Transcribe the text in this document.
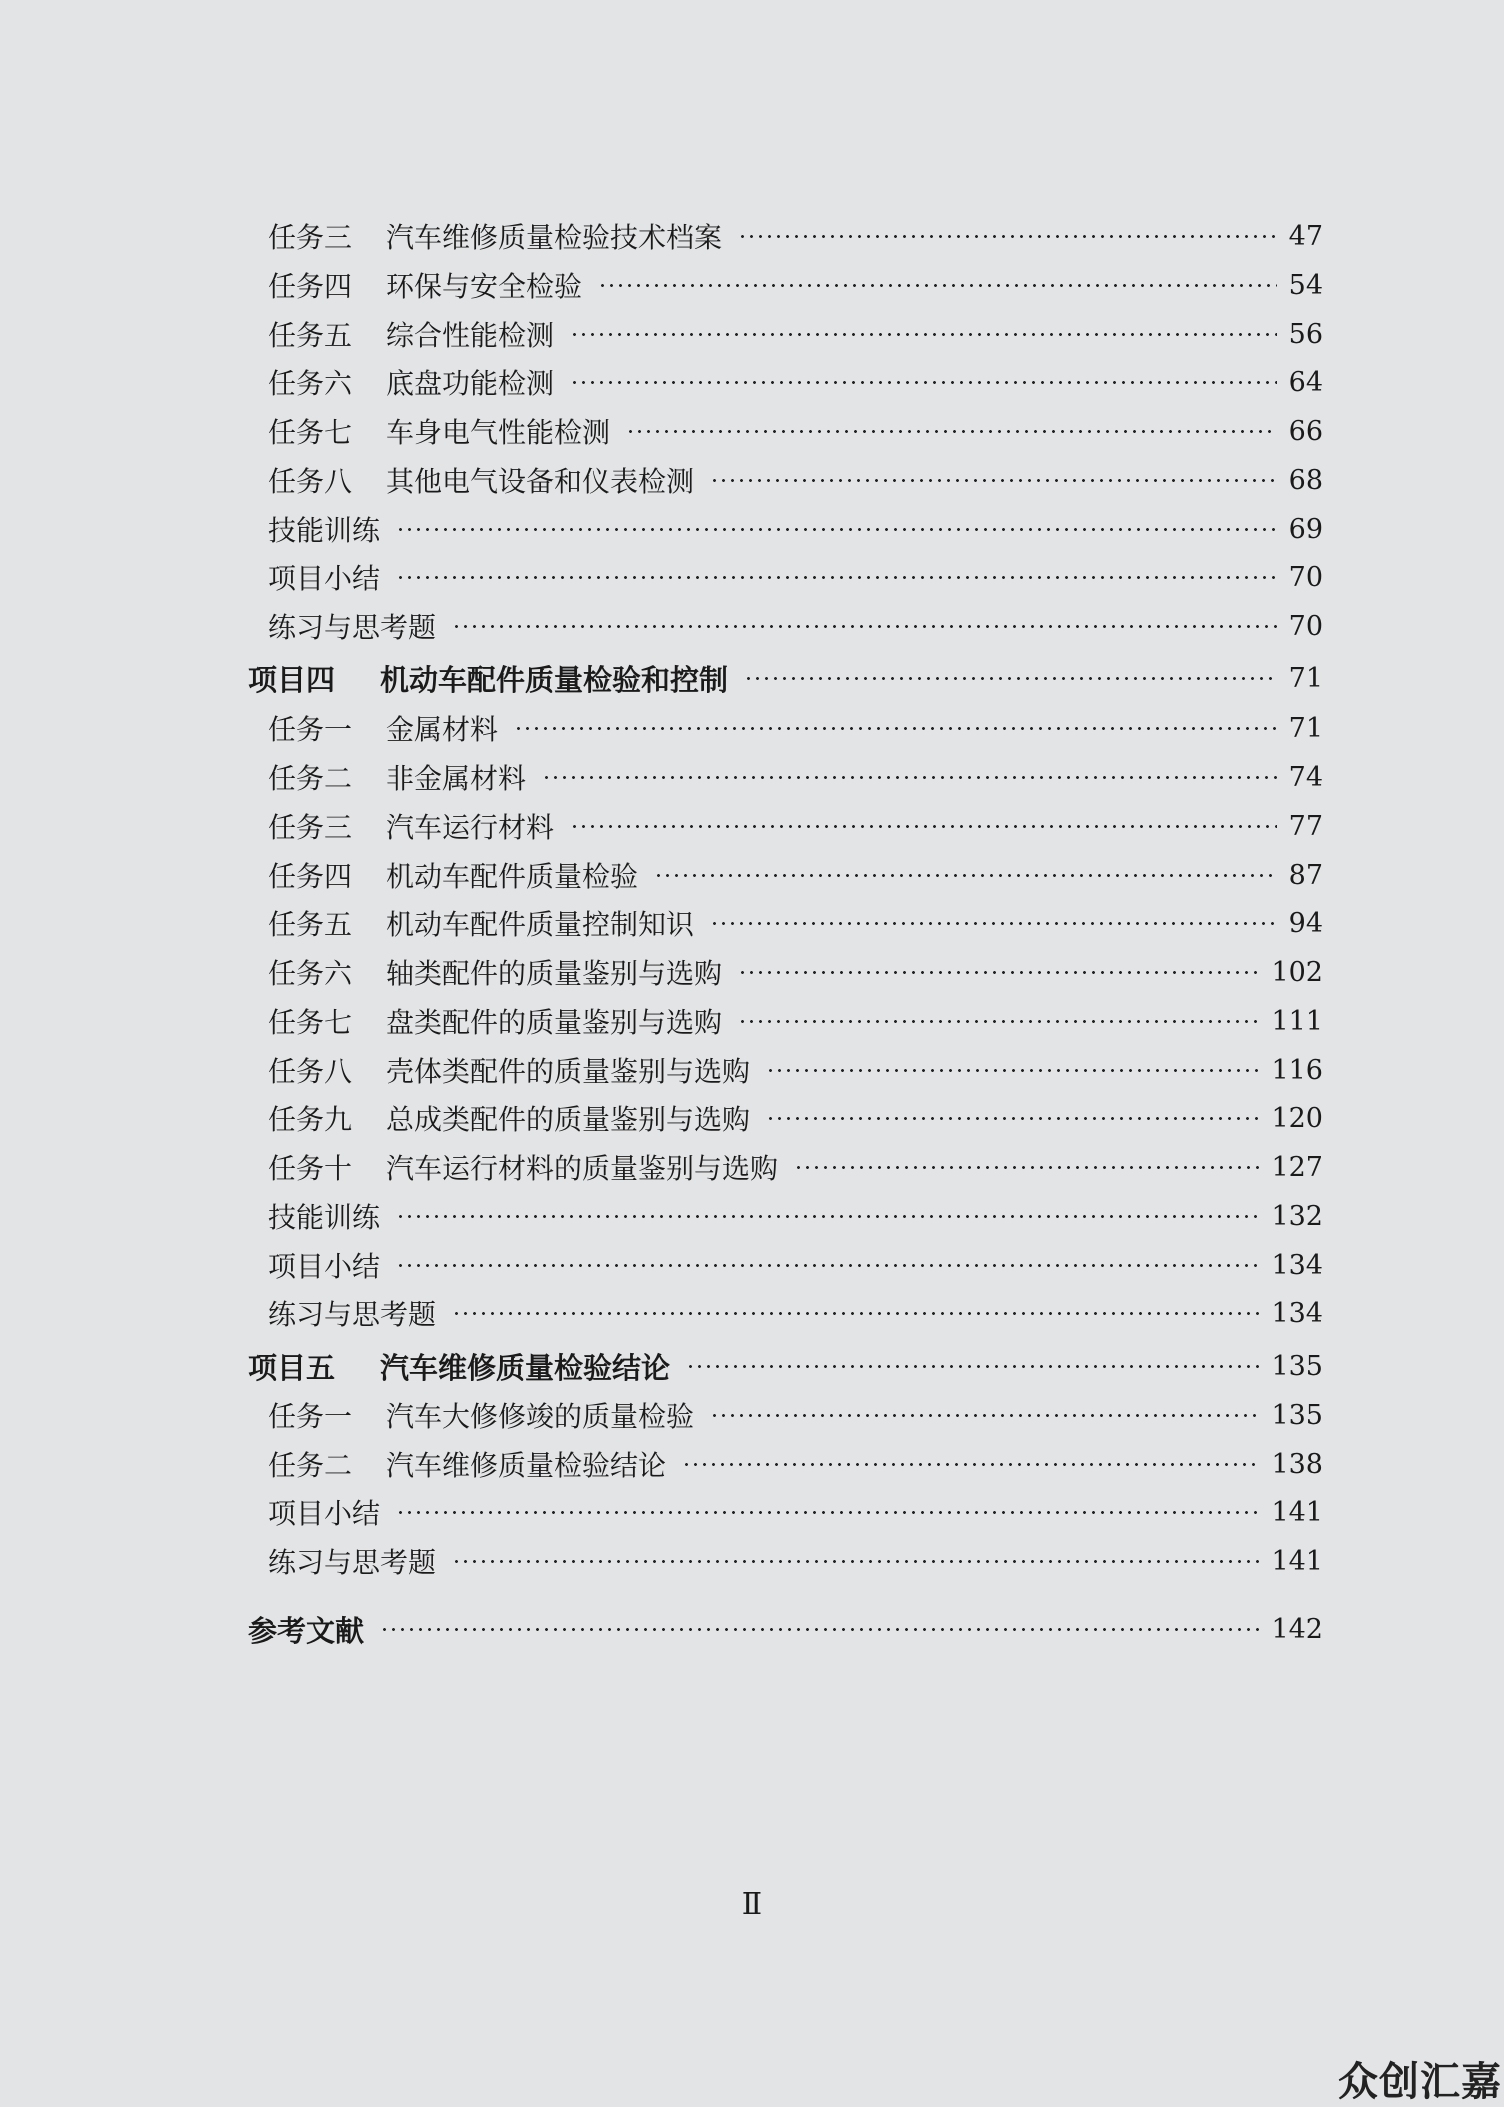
任务三	汽车维修质量检验技术档案	47
任务四	环保与安全检验	54
任务五	综合性能检测	56
任务六	底盘功能检测	64
任务七	车身电气性能检测	66
任务八	其他电气设备和仪表检测	68
技能训练	69
项目小结	70
练习与思考题	70
项目四	机动车配件质量检验和控制	71
任务一	金属材料	71
任务二	非金属材料	74
任务三	汽车运行材料	77
任务四	机动车配件质量检验	87
任务五	机动车配件质量控制知识	94
任务六	轴类配件的质量鉴别与选购	102
任务七	盘类配件的质量鉴别与选购	111
任务八	壳体类配件的质量鉴别与选购	116
任务九	总成类配件的质量鉴别与选购	120
任务十	汽车运行材料的质量鉴别与选购	127
技能训练	132
项目小结	134
练习与思考题	134
项目五	汽车维修质量检验结论	135
任务一	汽车大修修竣的质量检验	135
任务二	汽车维修质量检验结论	138
项目小结	141
练习与思考题	141
参考文献	142
Ⅱ
众创汇嘉
